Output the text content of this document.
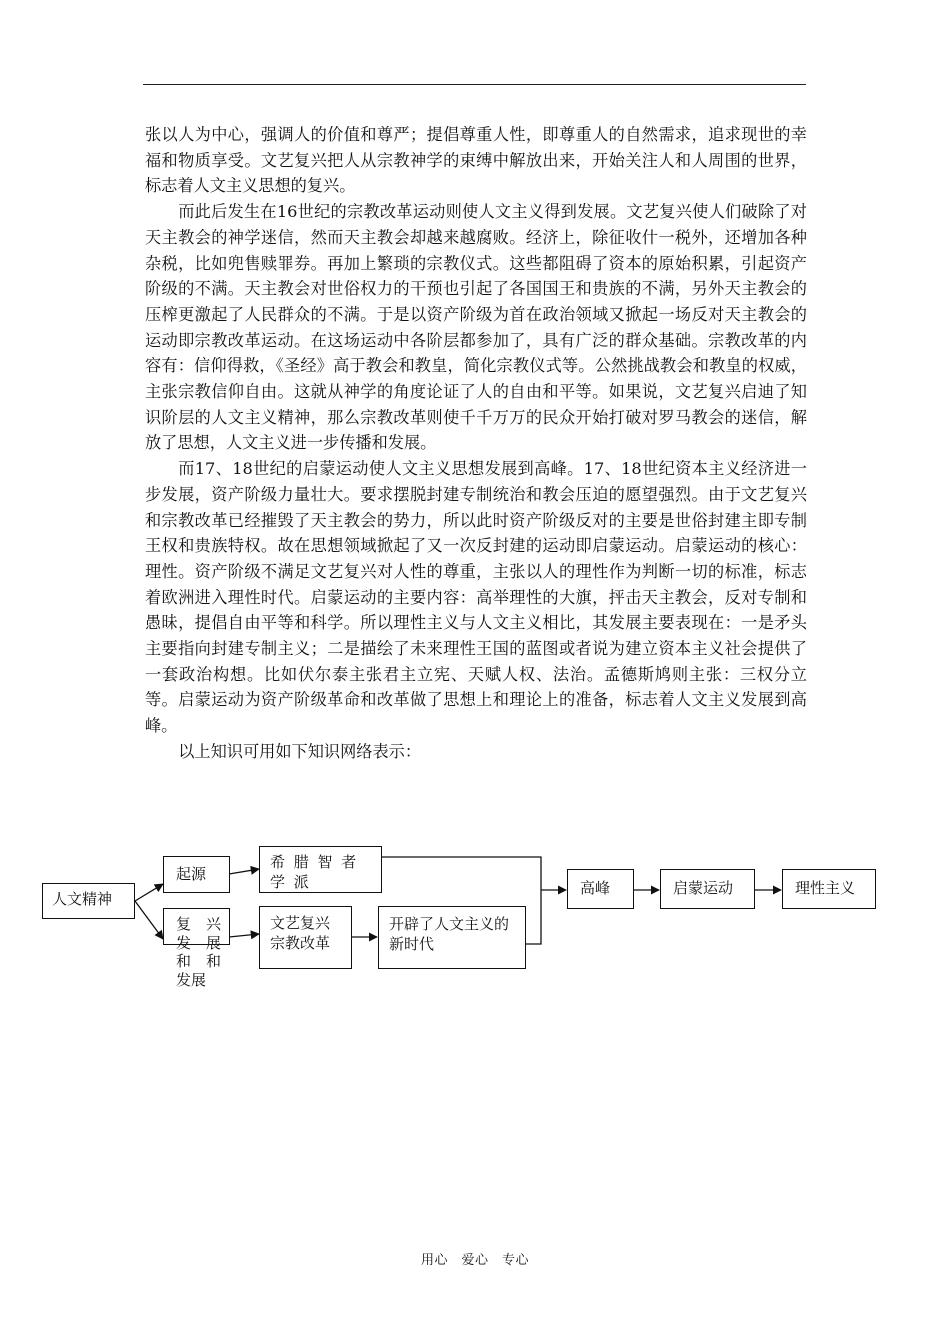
张以人为中心，强调人的价值和尊严；提倡尊重人性，即尊重人的自然需求，追求现世的幸福和物质享受。文艺复兴把人从宗教神学的束缚中解放出来，开始关注人和人周围的世界，标志着人文主义思想的复兴。

而此后发生在16世纪的宗教改革运动则使人文主义得到发展。文艺复兴使人们破除了对天主教会的神学迷信，然而天主教会却越来越腐败。经济上，除征收什一税外，还增加各种杂税，比如兜售赎罪券。再加上繁琐的宗教仪式。这些都阻碍了资本的原始积累，引起资产阶级的不满。天主教会对世俗权力的干预也引起了各国国王和贵族的不满，另外天主教会的压榨更激起了人民群众的不满。于是以资产阶级为首在政治领域又掀起一场反对天主教会的运动即宗教改革运动。在这场运动中各阶层都参加了，具有广泛的群众基础。宗教改革的内容有：信仰得救，《圣经》高于教会和教皇，简化宗教仪式等。公然挑战教会和教皇的权威，主张宗教信仰自由。这就从神学的角度论证了人的自由和平等。如果说，文艺复兴启迪了知识阶层的人文主义精神，那么宗教改革则使千千万万的民众开始打破对罗马教会的迷信，解放了思想，人文主义进一步传播和发展。

而17、18世纪的启蒙运动使人文主义思想发展到高峰。17、18世纪资本主义经济进一步发展，资产阶级力量壮大。要求摆脱封建专制统治和教会压迫的愿望强烈。由于文艺复兴和宗教改革已经摧毁了天主教会的势力，所以此时资产阶级反对的主要是世俗封建主即专制王权和贵族特权。故在思想领域掀起了又一次反封建的运动即启蒙运动。启蒙运动的核心：理性。资产阶级不满足文艺复兴对人性的尊重，主张以人的理性作为判断一切的标准，标志着欧洲进入理性时代。启蒙运动的主要内容：高举理性的大旗，抨击天主教会，反对专制和愚昧，提倡自由平等和科学。所以理性主义与人文主义相比，其发展主要表现在：一是矛头主要指向封建专制主义；二是描绘了未来理性王国的蓝图或者说为建立资本主义社会提供了一套政治构想。比如伏尔泰主张君主立宪、天赋人权、法治。孟德斯鸠则主张：三权分立等。启蒙运动为资产阶级革命和改革做了思想上和理论上的准备，标志着人文主义发展到高峰。

以上知识可用如下知识网络表示：

人文精神
起源
希 腊 智 者 学 派
复　兴
发　展
和　和
发展
文艺复兴
宗教改革
开辟了人文主义的新时代
高峰	启蒙运动	理性主义
用心　爱心　专心
